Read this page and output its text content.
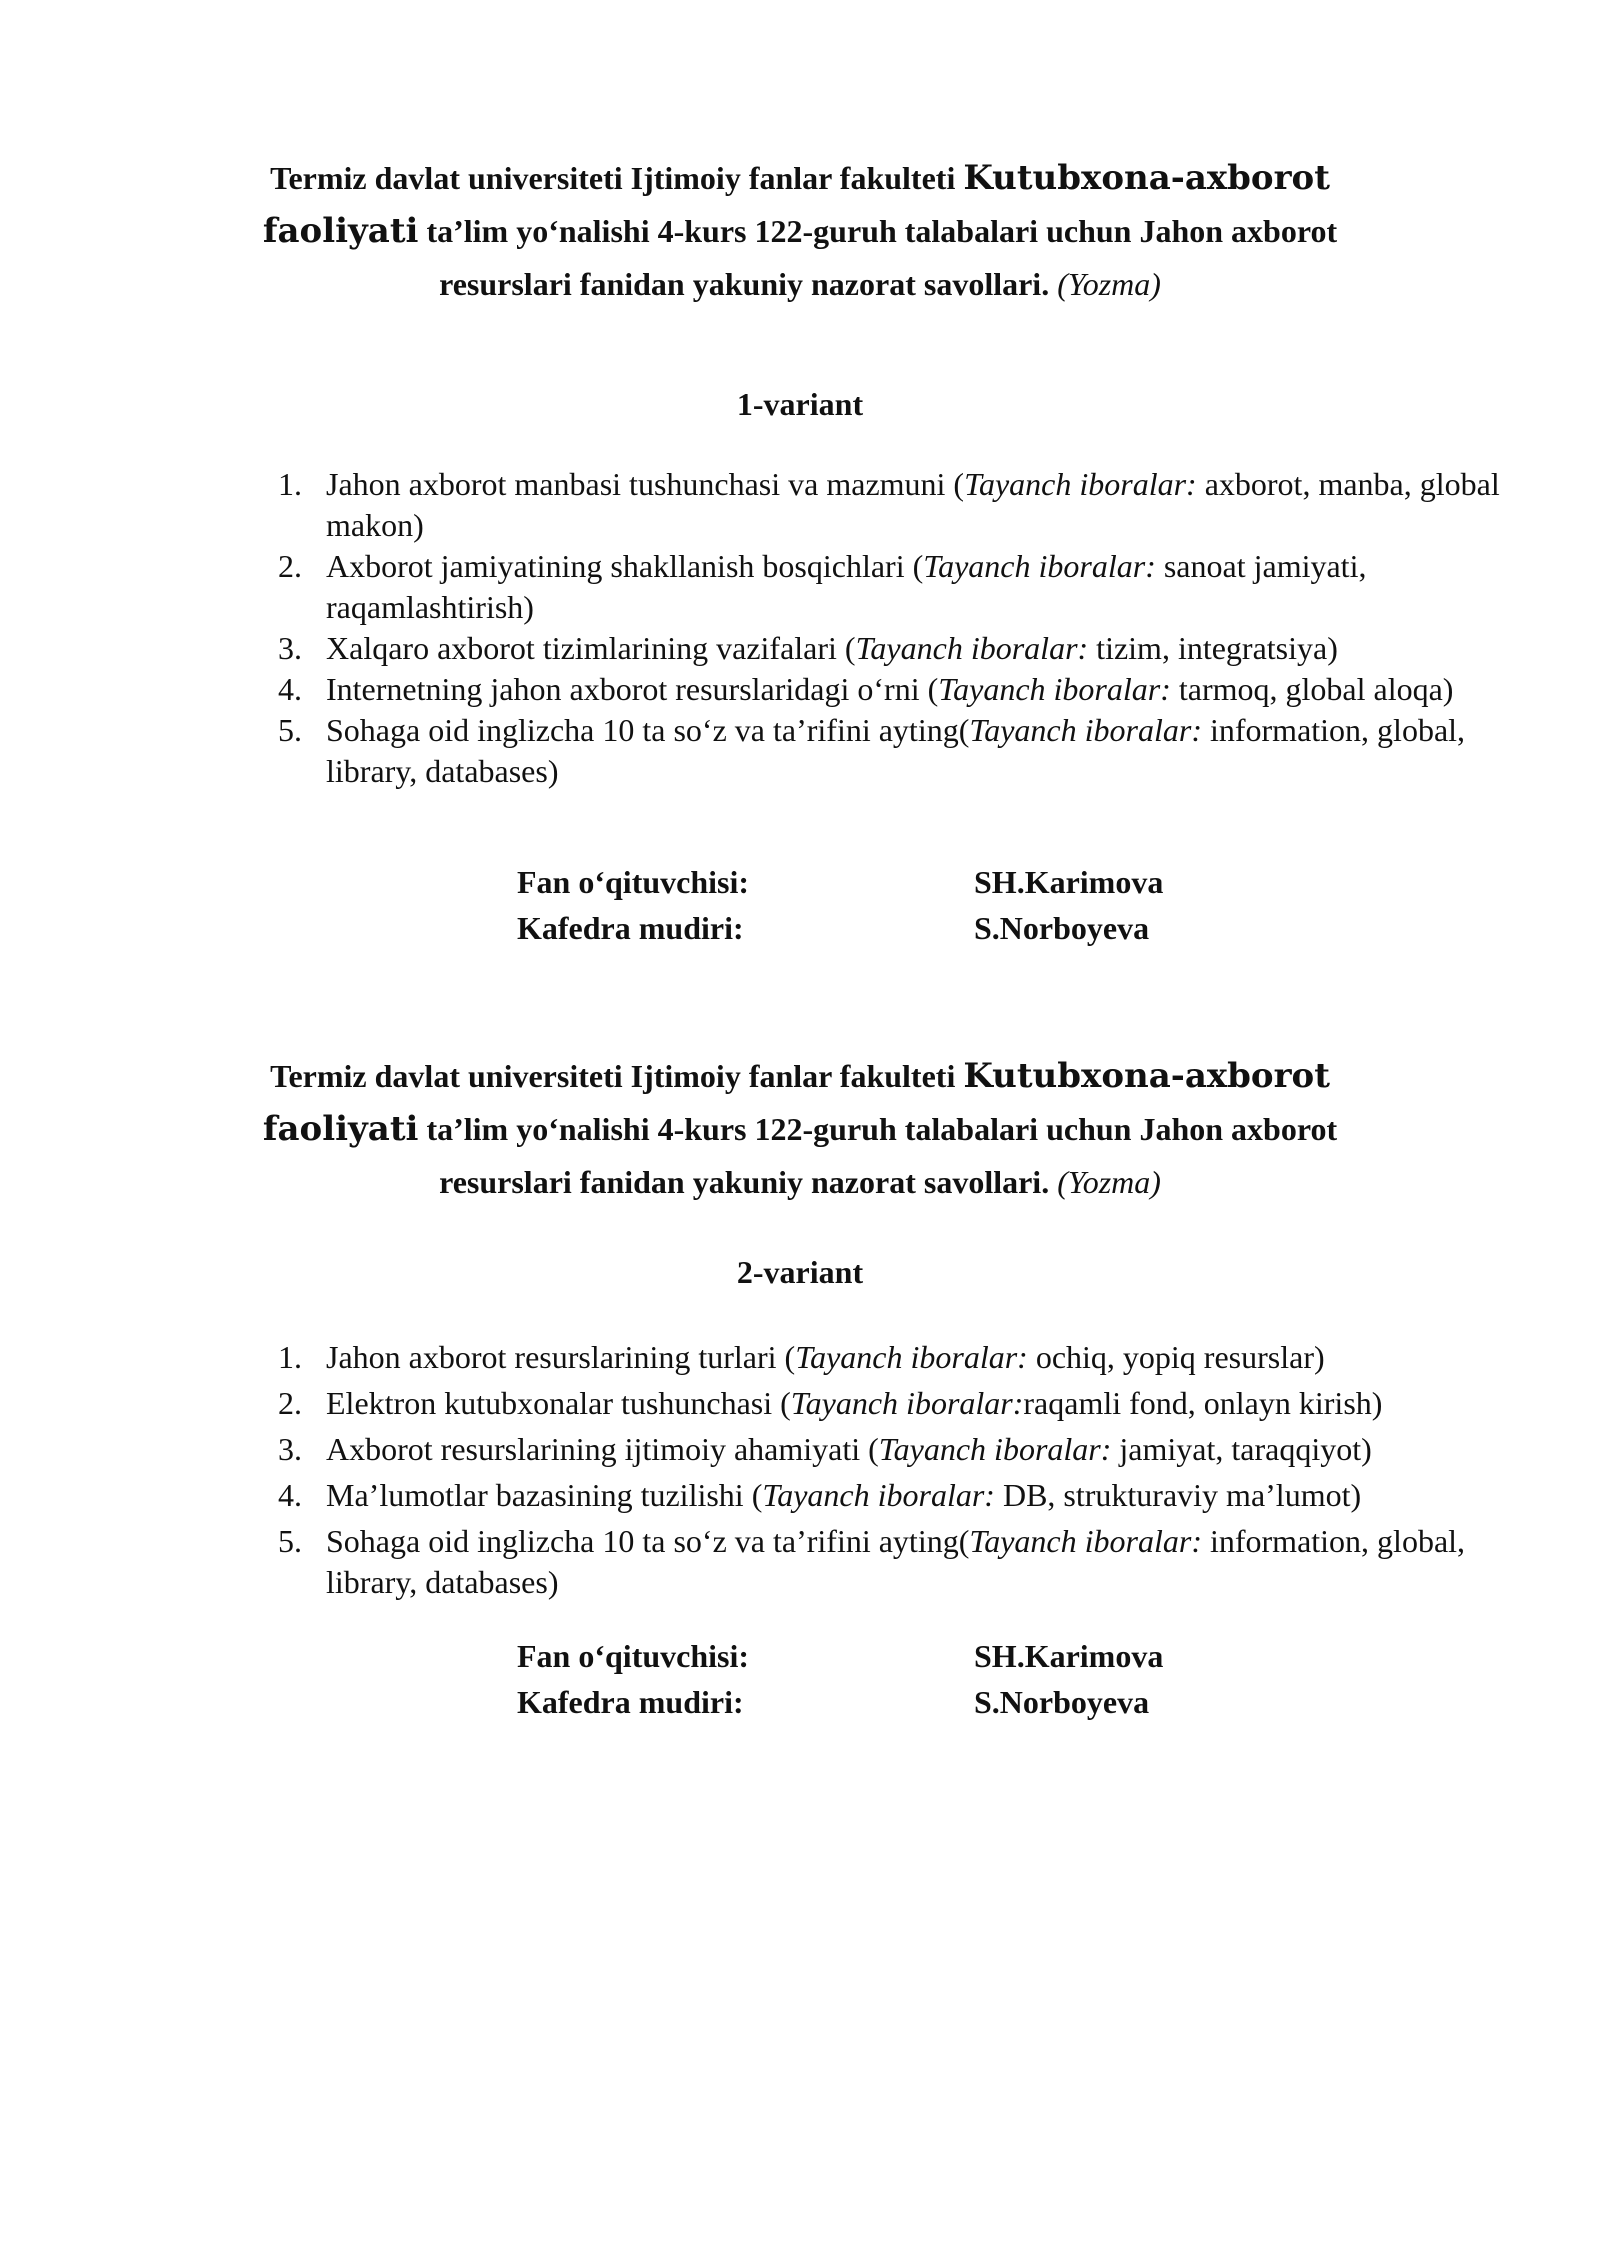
Termiz davlat universiteti Ijtimoiy fanlar fakulteti Kutubxona-axborot faoliyati ta’lim yo‘nalishi 4-kurs 122-guruh talabalari uchun Jahon axborot resurslari fanidan yakuniy nazorat savollari. (Yozma)
1-variant
1. Jahon axborot manbasi tushunchasi va mazmuni (Tayanch iboralar: axborot, manba, global makon)
2. Axborot jamiyatining shakllanish bosqichlari (Tayanch iboralar: sanoat jamiyati, raqamlashtirish)
3. Xalqaro axborot tizimlarining vazifalari (Tayanch iboralar: tizim, integratsiya)
4. Internetning jahon axborot resurslaridagi o‘rni (Tayanch iboralar: tarmoq, global aloqa)
5. Sohaga oid inglizcha 10 ta so‘z va ta’rifini ayting(Tayanch iboralar: information, global, library, databases)
Fan o‘qituvchisi:	SH.Karimova
Kafedra mudiri:	S.Norboyeva
Termiz davlat universiteti Ijtimoiy fanlar fakulteti Kutubxona-axborot faoliyati ta’lim yo‘nalishi 4-kurs 122-guruh talabalari uchun Jahon axborot resurslari fanidan yakuniy nazorat savollari. (Yozma)
2-variant
1. Jahon axborot resurslarining turlari (Tayanch iboralar: ochiq, yopiq resurslar)
2. Elektron kutubxonalar tushunchasi (Tayanch iboralar:raqamli fond, onlayn kirish)
3. Axborot resurslarining ijtimoiy ahamiyati (Tayanch iboralar: jamiyat, taraqqiyot)
4. Ma’lumotlar bazasining tuzilishi (Tayanch iboralar: DB, strukturaviy ma’lumot)
5. Sohaga oid inglizcha 10 ta so‘z va ta’rifini ayting(Tayanch iboralar: information, global, library, databases)
Fan o‘qituvchisi:	SH.Karimova
Kafedra mudiri:	S.Norboyeva
